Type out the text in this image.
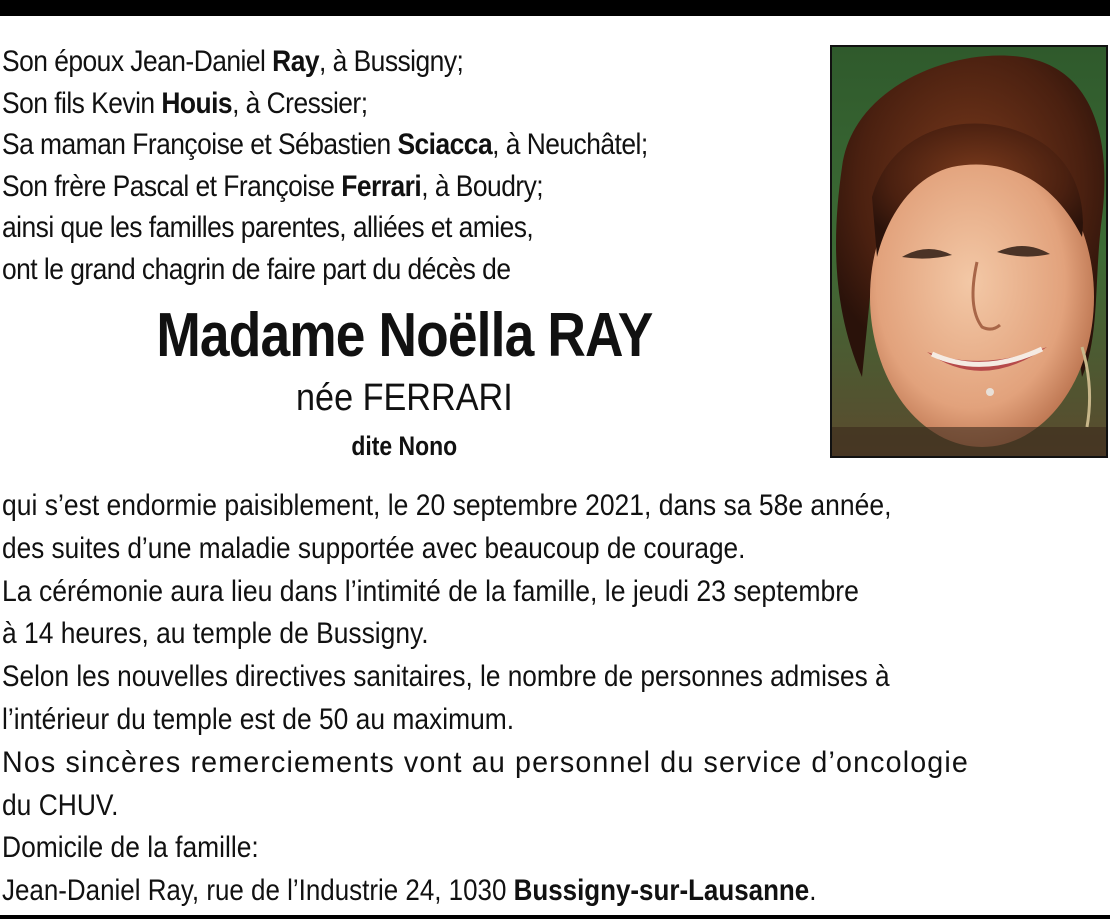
Son époux Jean-Daniel Ray, à Bussigny;
Son fils Kevin Houis, à Cressier;
Sa maman Françoise et Sébastien Sciacca, à Neuchâtel;
Son frère Pascal et Françoise Ferrari, à Boudry;
ainsi que les familles parentes, alliées et amies,
ont le grand chagrin de faire part du décès de
Madame Noëlla RAY
née FERRARI
dite Nono
qui s’est endormie paisiblement, le 20 septembre 2021, dans sa 58e année,
des suites d’une maladie supportée avec beaucoup de courage.
La cérémonie aura lieu dans l’intimité de la famille, le jeudi 23 septembre
à 14 heures, au temple de Bussigny.
Selon les nouvelles directives sanitaires, le nombre de personnes admises à
l’intérieur du temple est de 50 au maximum.
Nos sincères remerciements vont au personnel du service d’oncologie
du CHUV.
Domicile de la famille:
Jean-Daniel Ray, rue de l’Industrie 24, 1030 Bussigny-sur-Lausanne.
